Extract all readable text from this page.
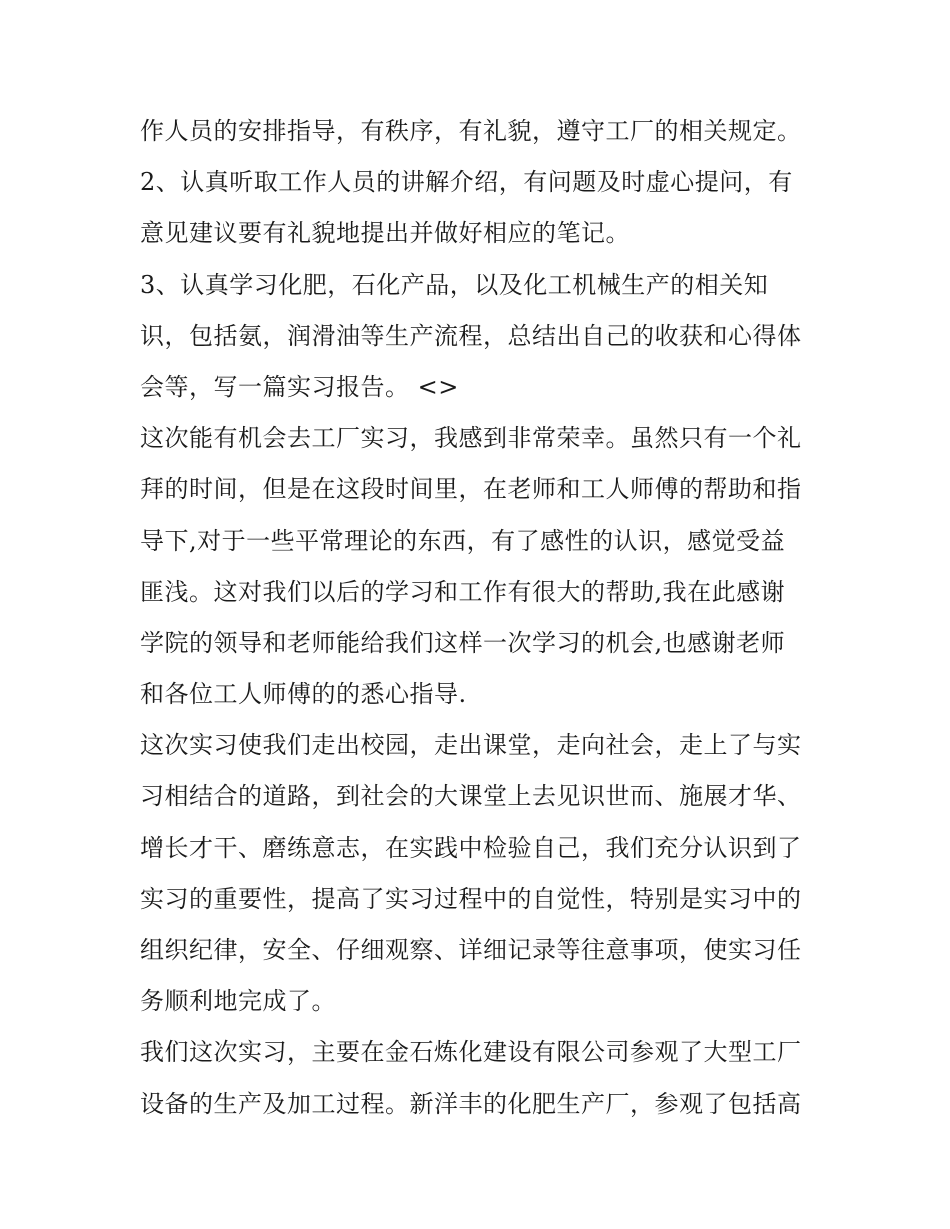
作人员的安排指导，有秩序，有礼貌，遵守工厂的相关规定。
2、认真听取工作人员的讲解介绍，有问题及时虚心提问，有
意见建议要有礼貌地提出并做好相应的笔记。
3、认真学习化肥，石化产品，以及化工机械生产的相关知
识，包括氨，润滑油等生产流程，总结出自己的收获和心得体
会等，写一篇实习报告。 <>
这次能有机会去工厂实习，我感到非常荣幸。虽然只有一个礼
拜的时间，但是在这段时间里，在老师和工人师傅的帮助和指
导下,对于一些平常理论的东西，有了感性的认识，感觉受益
匪浅。这对我们以后的学习和工作有很大的帮助,我在此感谢
学院的领导和老师能给我们这样一次学习的机会,也感谢老师
和各位工人师傅的的悉心指导.
这次实习使我们走出校园，走出课堂，走向社会，走上了与实
习相结合的道路，到社会的大课堂上去见识世而、施展才华、
增长才干、磨练意志，在实践中检验自己，我们充分认识到了
实习的重要性，提高了实习过程中的自觉性，特别是实习中的
组织纪律，安全、仔细观察、详细记录等往意事项，使实习任
务顺利地完成了。
我们这次实习，主要在金石炼化建设有限公司参观了大型工厂
设备的生产及加工过程。新洋丰的化肥生产厂，参观了包括高
